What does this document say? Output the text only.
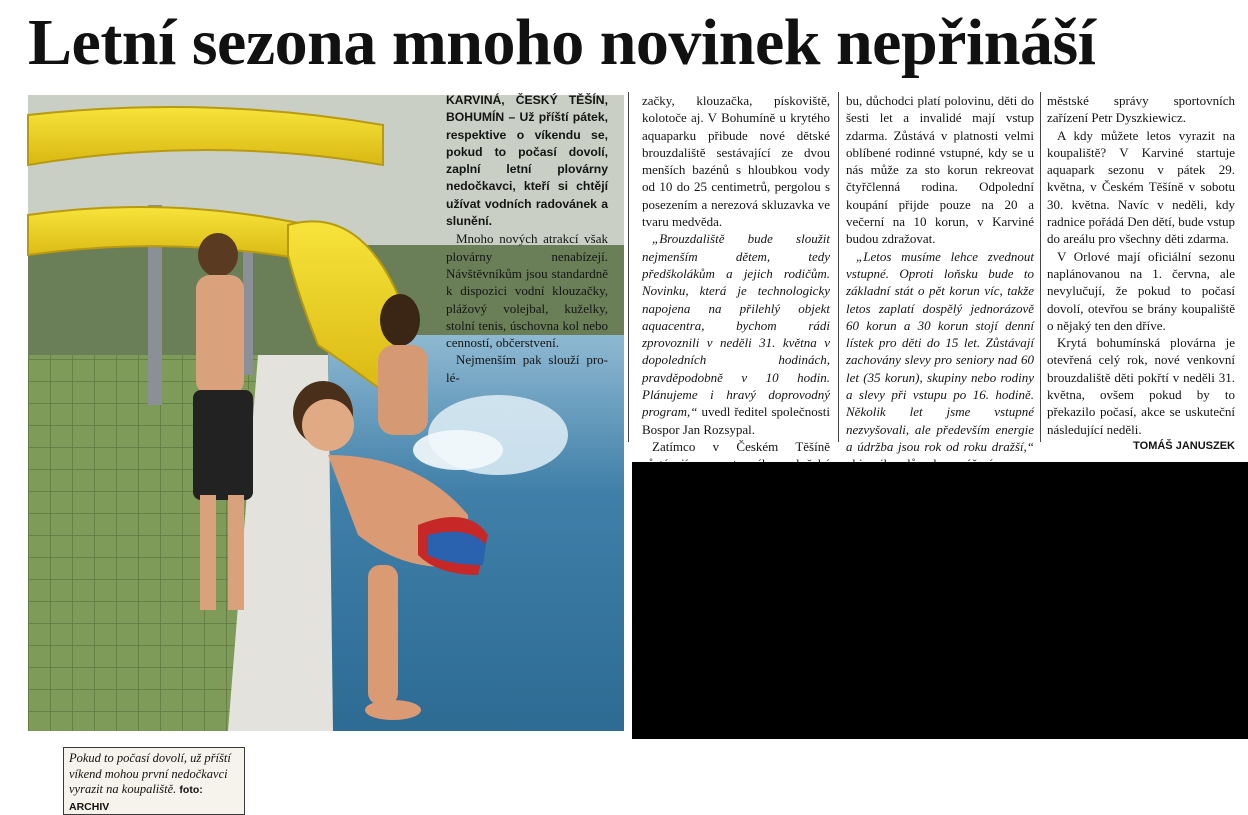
Letní sezona mnoho novinek nepřináší
Pokud to počasí dovolí, už příští víkend mohou první nedočkavci vyrazit na koupaliště. foto: ARCHIV

KARVINÁ, ČESKÝ TĚŠÍN, BOHUMÍN – Už příští pátek, respektive o víkendu se, pokud to počasí dovolí, zaplní letní plovárny nedočkavci, kteří si chtějí užívat vodních radovánek a slunění.

Mnoho nových atrakcí však plovárny nenabízejí. Návštěvníkům jsou standardně k dispozici vodní klouzačky, plážový volejbal, kuželky, stolní tenis, úschovna kol nebo cenností, občerstvení.

Nejmenším pak slouží pro-lé-

začky, klouzačka, pískoviště, kolotoče aj. V Bohumíně u krytého aquaparku přibude nové dětské brouzdaliště sestávající ze dvou menších bazénů s hloubkou vody od 10 do 25 centimetrů, pergolou s posezením a nerezová skluzavka ve tvaru medvěda.

„Brouzdaliště bude sloužit nejmenším dětem, tedy předškolákům a jejich rodičům. Novinku, která je technologicky napojena na přilehlý objekt aquacentra, bychom rádi zprovoznili v neděli 31. května v dopoledních hodinách, pravděpodobně v 10 hodin. Plánujeme i hravý doprovodný program,“ uvedl ředitel společnosti Bospor Jan Rozsypal.

Zatímco v Českém Těšíně

bu, důchodci platí polovinu, děti do šesti let a invalidé mají vstup zdarma. Zůstává v platnosti velmi oblíbené rodinné vstupné, kdy se u nás může za sto korun rekreovat čtyřčlenná rodina. Odpolední koupání přijde pouze na 20 a večerní na 10 korun, v Karviné budou zdražovat.

„Letos musíme lehce zvednout vstupné. Oproti loňsku bude to základní stát o pět korun víc, takže letos zaplatí dospělý jednorázově 60 korun a 30 korun stojí denní lístek pro děti do 15 let. Zůstávají zachovány slevy pro seniory nad 60 let (35 korun), skupiny nebo rodiny a slevy při vstupu po 16. hodině. Několik let jsme vstupné nezvyšovali, ale především energie a údržba jsou rok od roku dražší,“

městské správy sportovních zařízení Petr Dyszkiewicz.

A kdy můžete letos vyrazit na koupaliště? V Karviné startuje aquapark sezonu v pátek 29. května, v Českém Těšíně v sobotu 30. května. Navíc v neděli, kdy radnice pořádá Den dětí, bude vstup do areálu pro všechny děti zdarma.

V Orlové mají oficiální sezonu naplánovanou na 1. června, ale nevylučují, že pokud to počasí dovolí, otevřou se brány koupaliště o nějaký ten den dříve.

Krytá bohumínská plovárna je otevřená celý rok, nové venkovní brouzdaliště děti pokřtí v neděli 31. května, ovšem pokud by to překazilo počasí, akce se uskuteční následující neděli.

TOMÁŠ JANUSZEK
